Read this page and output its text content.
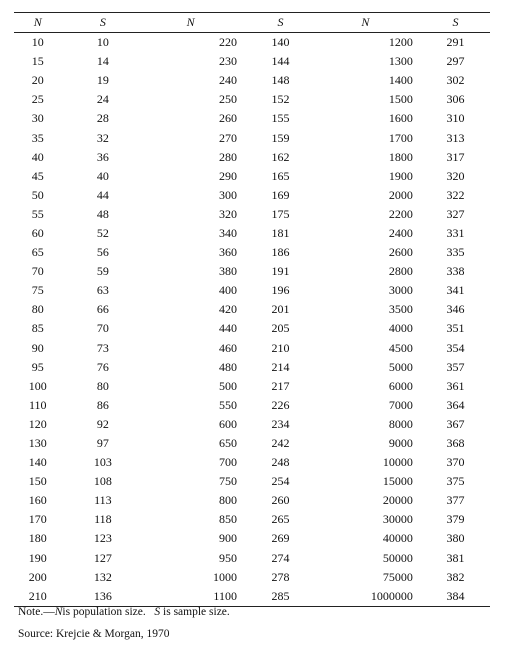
N	S	N	S	N	S
10	10	220	140	1200	291
15	14	230	144	1300	297
20	19	240	148	1400	302
25	24	250	152	1500	306
30	28	260	155	1600	310
35	32	270	159	1700	313
40	36	280	162	1800	317
45	40	290	165	1900	320
50	44	300	169	2000	322
55	48	320	175	2200	327
60	52	340	181	2400	331
65	56	360	186	2600	335
70	59	380	191	2800	338
75	63	400	196	3000	341
80	66	420	201	3500	346
85	70	440	205	4000	351
90	73	460	210	4500	354
95	76	480	214	5000	357
100	80	500	217	6000	361
110	86	550	226	7000	364
120	92	600	234	8000	367
130	97	650	242	9000	368
140	103	700	248	10000	370
150	108	750	254	15000	375
160	113	800	260	20000	377
170	118	850	265	30000	379
180	123	900	269	40000	380
190	127	950	274	50000	381
200	132	1000	278	75000	382
210	136	1100	285	1000000	384
Note.—Nis population size. S is sample size.
Source: Krejcie & Morgan, 1970
